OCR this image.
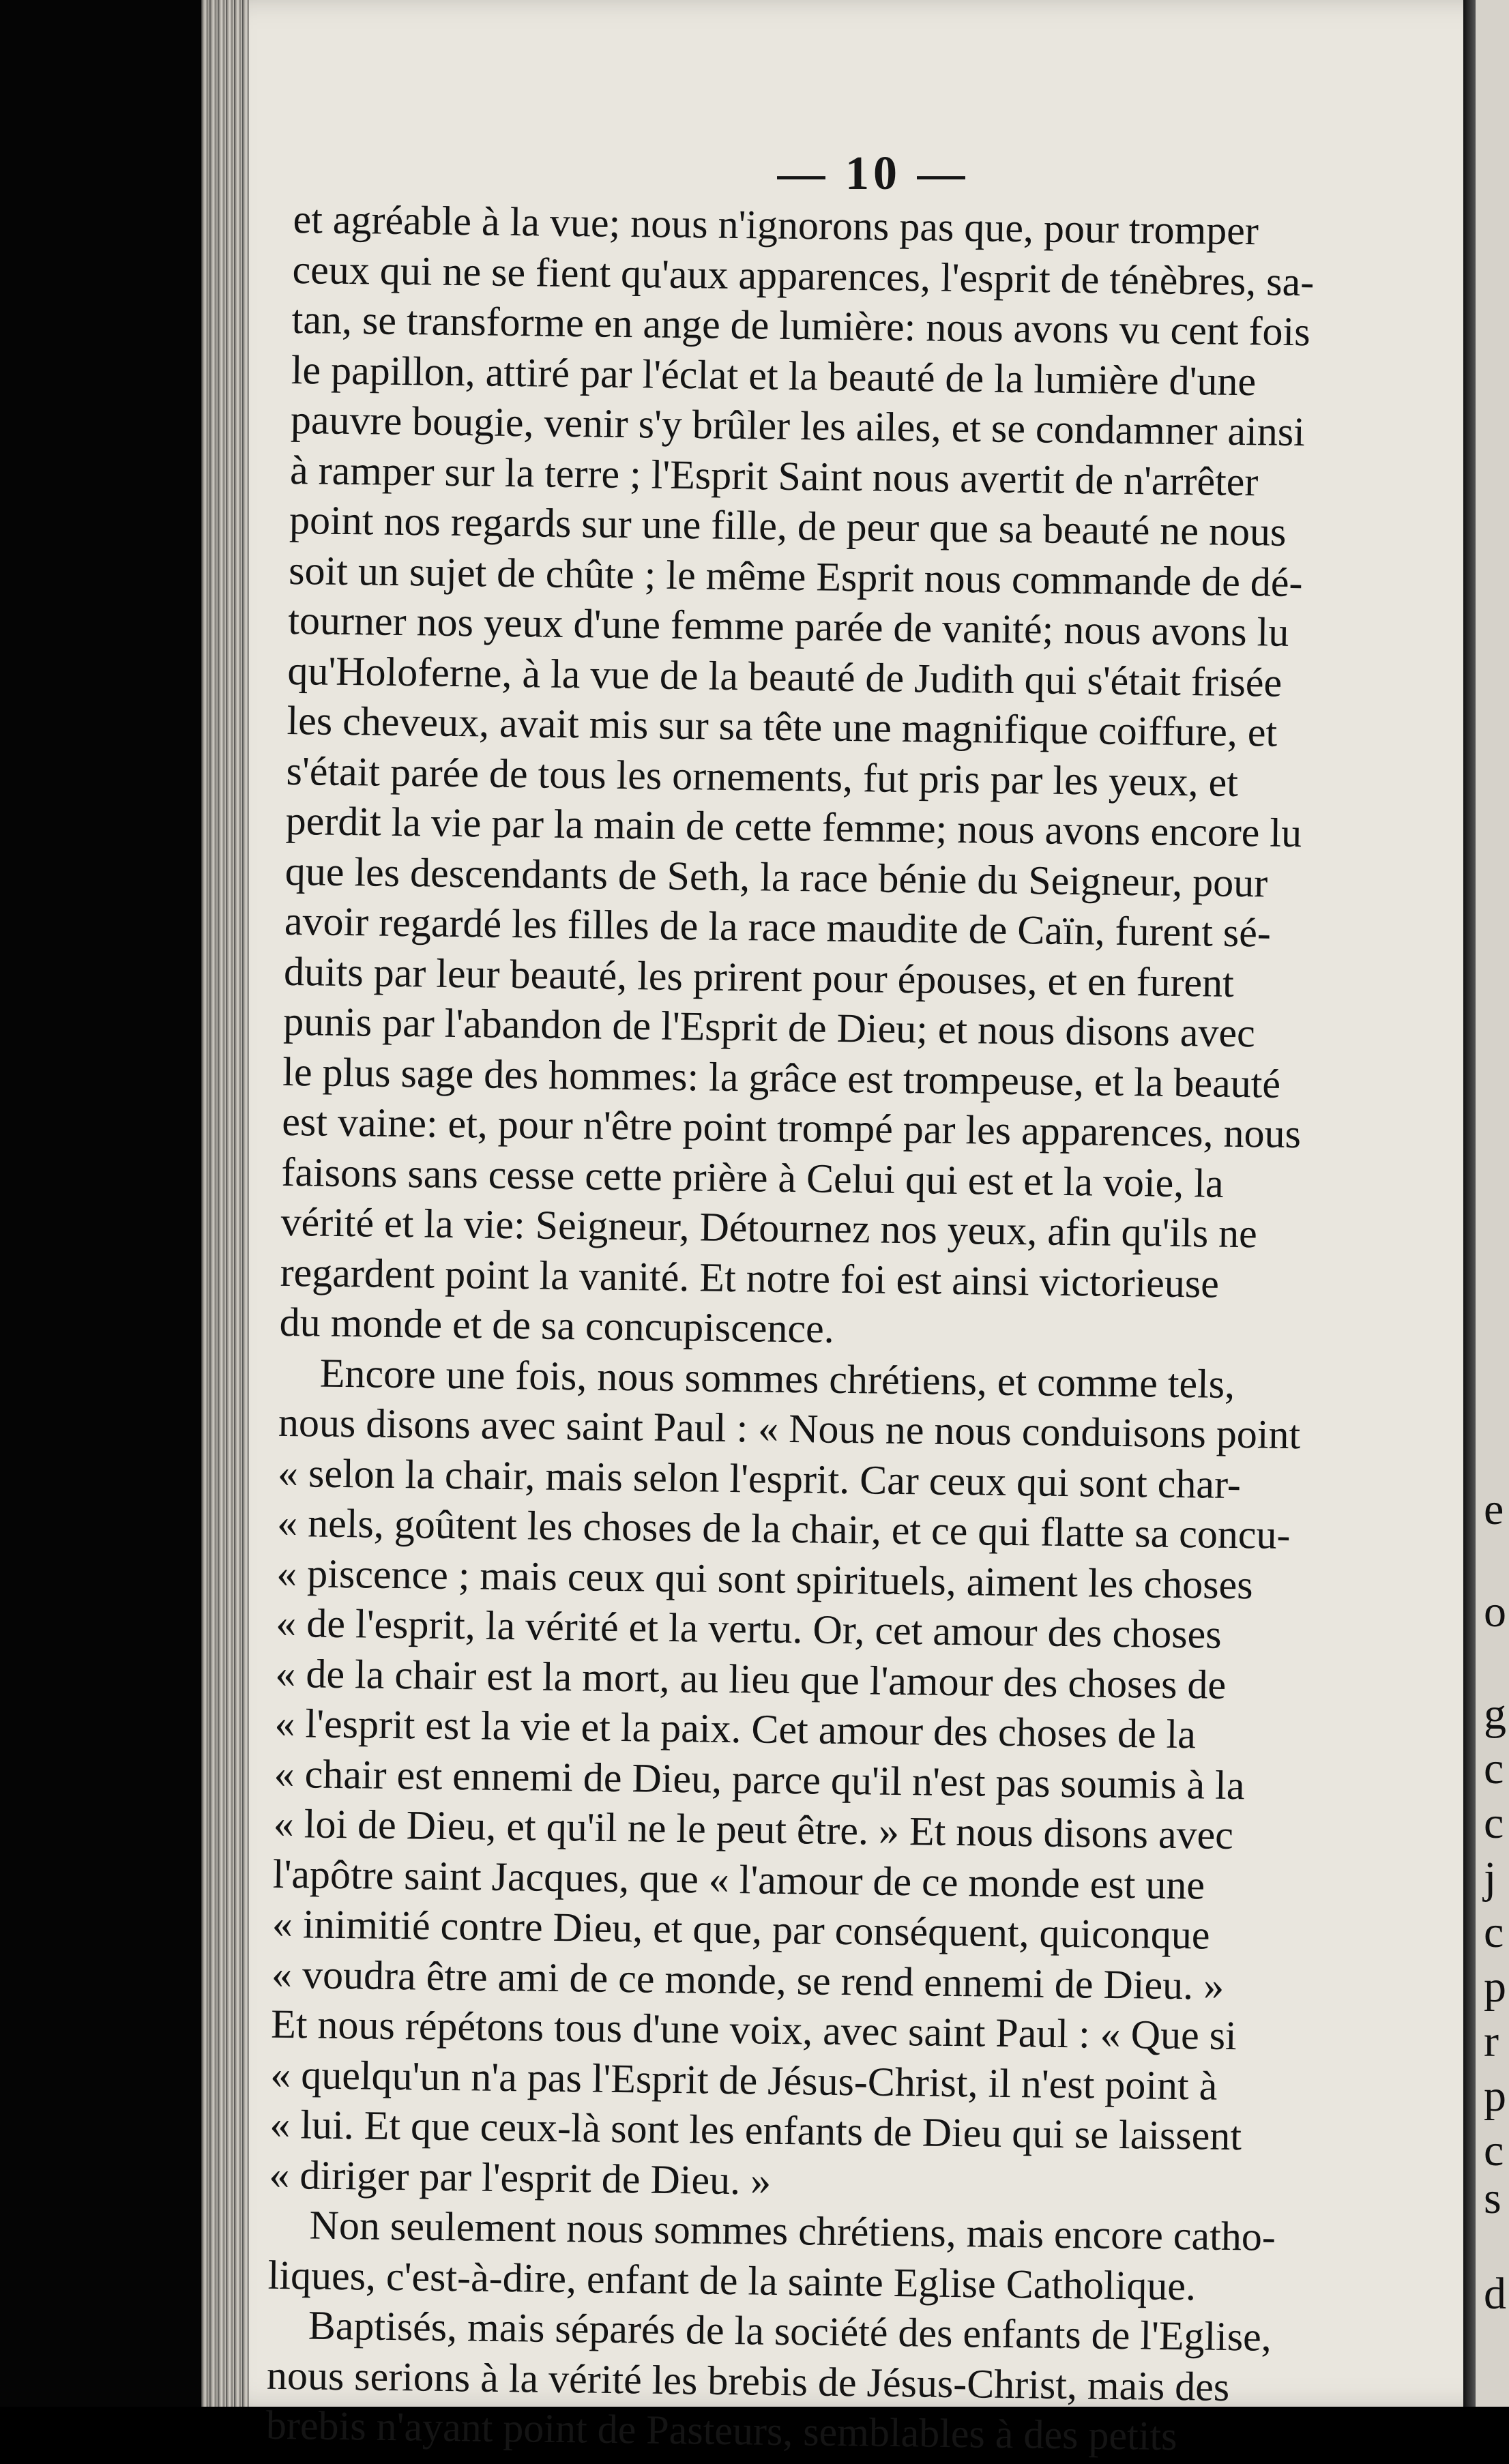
— 10 —

et agréable à la vue; nous n'ignorons pas que, pour tromper
ceux qui ne se fient qu'aux apparences, l'esprit de ténèbres, sa-
tan, se transforme en ange de lumière: nous avons vu cent fois
le papillon, attiré par l'éclat et la beauté de la lumière d'une
pauvre bougie, venir s'y brûler les ailes, et se condamner ainsi
à ramper sur la terre ; l'Esprit Saint nous avertit de n'arrêter
point nos regards sur une fille, de peur que sa beauté ne nous
soit un sujet de chûte ; le même Esprit nous commande de dé-
tourner nos yeux d'une femme parée de vanité; nous avons lu
qu'Holoferne, à la vue de la beauté de Judith qui s'était frisée
les cheveux, avait mis sur sa tête une magnifique coiffure, et
s'était parée de tous les ornements, fut pris par les yeux, et
perdit la vie par la main de cette femme; nous avons encore lu
que les descendants de Seth, la race bénie du Seigneur, pour
avoir regardé les filles de la race maudite de Caïn, furent sé-
duits par leur beauté, les prirent pour épouses, et en furent
punis par l'abandon de l'Esprit de Dieu; et nous disons avec
le plus sage des hommes: la grâce est trompeuse, et la beauté
est vaine: et, pour n'être point trompé par les apparences, nous
faisons sans cesse cette prière à Celui qui est et la voie, la
vérité et la vie: Seigneur, Détournez nos yeux, afin qu'ils ne
regardent point la vanité. Et notre foi est ainsi victorieuse
du monde et de sa concupiscence.

Encore une fois, nous sommes chrétiens, et comme tels,
nous disons avec saint Paul : « Nous ne nous conduisons point
« selon la chair, mais selon l'esprit. Car ceux qui sont char-
« nels, goûtent les choses de la chair, et ce qui flatte sa concu-
« piscence ; mais ceux qui sont spirituels, aiment les choses
« de l'esprit, la vérité et la vertu. Or, cet amour des choses
« de la chair est la mort, au lieu que l'amour des choses de
« l'esprit est la vie et la paix. Cet amour des choses de la
« chair est ennemi de Dieu, parce qu'il n'est pas soumis à la
« loi de Dieu, et qu'il ne le peut être. » Et nous disons avec
l'apôtre saint Jacques, que « l'amour de ce monde est une
« inimitié contre Dieu, et que, par conséquent, quiconque
« voudra être ami de ce monde, se rend ennemi de Dieu. »
Et nous répétons tous d'une voix, avec saint Paul : « Que si
« quelqu'un n'a pas l'Esprit de Jésus-Christ, il n'est point à
« lui. Et que ceux-là sont les enfants de Dieu qui se laissent
« diriger par l'esprit de Dieu. »

Non seulement nous sommes chrétiens, mais encore catho-
liques, c'est-à-dire, enfant de la sainte Eglise Catholique.

Baptisés, mais séparés de la société des enfants de l'Eglise,
nous serions à la vérité les brebis de Jésus-Christ, mais des
brebis n'ayant point de Pasteurs, semblables à des petits

e
o
g
c
c
j
c
p
r
p
c
s
d
